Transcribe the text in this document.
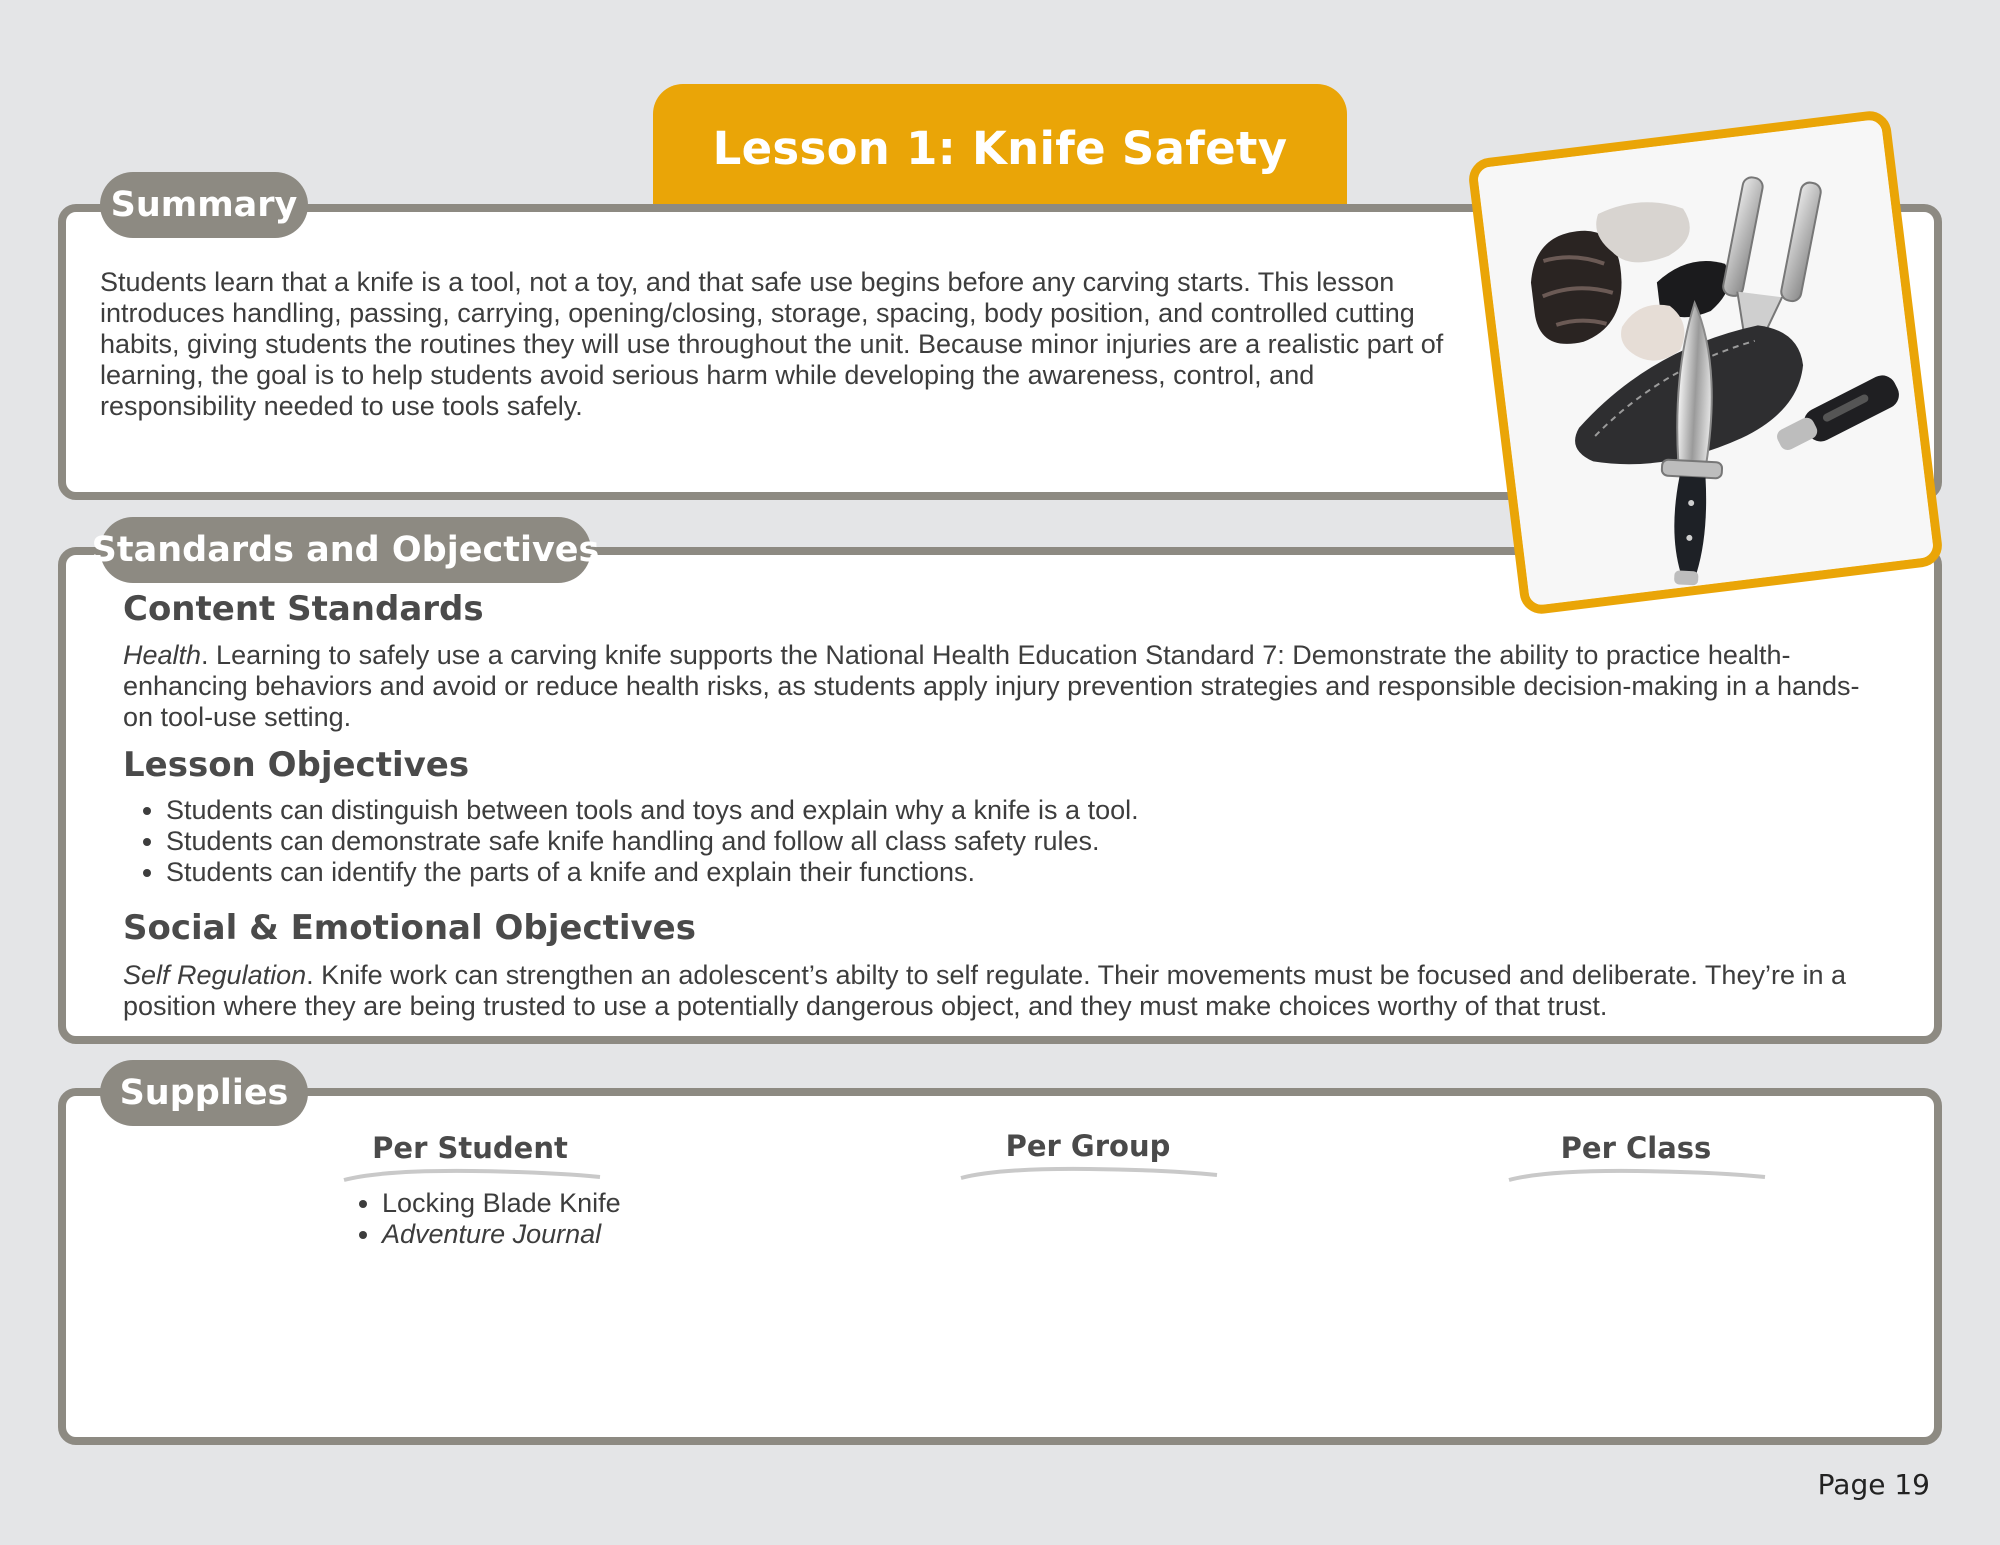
Lesson 1: Knife Safety

Students learn that a knife is a tool, not a toy, and that safe use begins before any carving starts. This lesson introduces handling, passing, carrying, opening/closing, storage, spacing, body position, and controlled cutting habits, giving students the routines they will use throughout the unit. Because minor injuries are a realistic part of learning, the goal is to help students avoid serious harm while developing the awareness, control, and responsibility needed to use tools safely.

Summary
Content Standards

Health. Learning to safely use a carving knife supports the National Health Education Standard 7: Demonstrate the ability to practice health-enhancing behaviors and avoid or reduce health risks, as students apply injury prevention strategies and responsible decision-making in a hands-on tool-use setting.

Lesson Objectives
• Students can distinguish between tools and toys and explain why a knife is a tool.
• Students can demonstrate safe knife handling and follow all class safety rules.
• Students can identify the parts of a knife and explain their functions.
Social & Emotional Objectives

Self Regulation. Knife work can strengthen an adolescent’s abilty to self regulate. Their movements must be focused and deliberate. They’re in a position where they are being trusted to use a potentially dangerous object, and they must make choices worthy of that trust.

Standards and Objectives
Per Student	Per Group	Per Class
• Locking Blade Knife
• Adventure Journal
Supplies
Page 19
